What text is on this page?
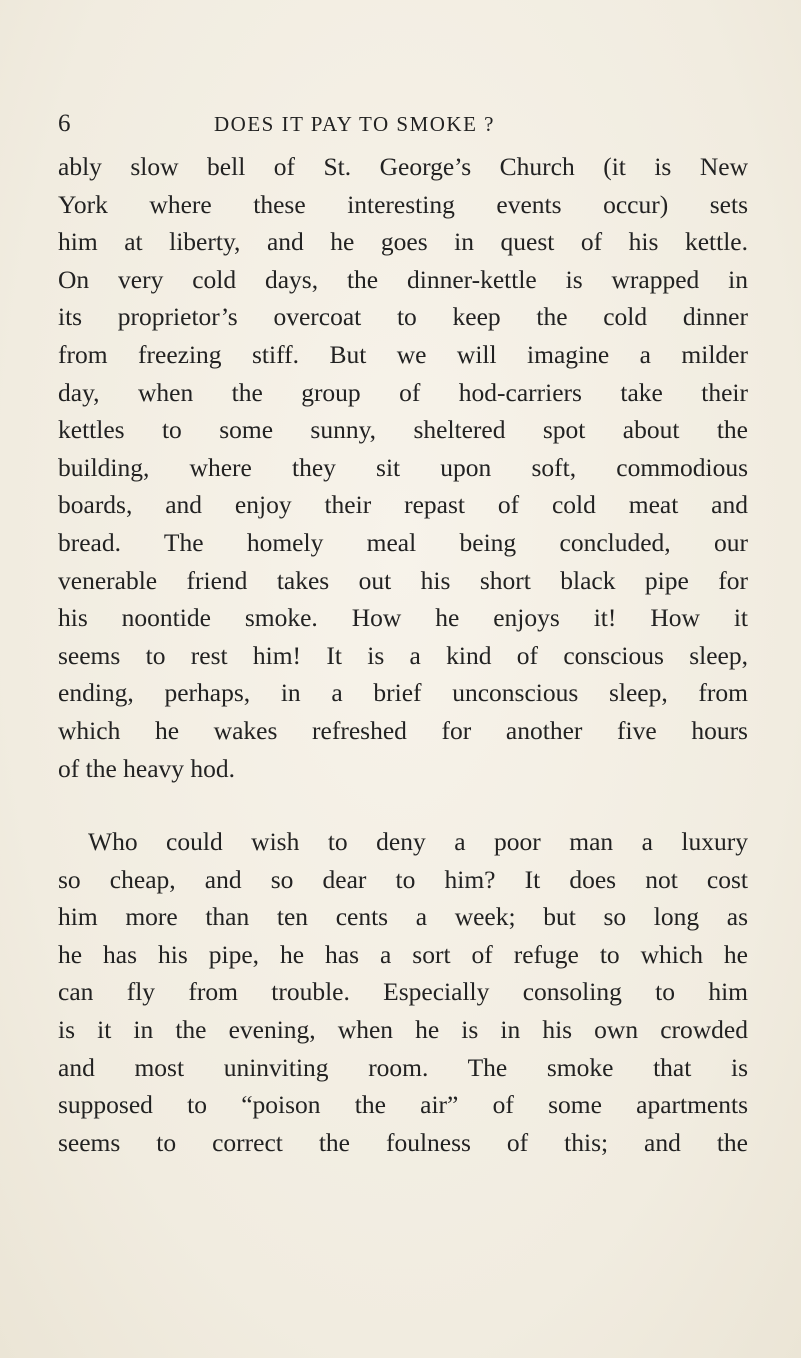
6	DOES IT PAY TO SMOKE ?
ably slow bell of St. George’s Church (it is New
York where these interesting events occur) sets
him at liberty, and he goes in quest of his kettle.
On very cold days, the dinner-kettle is wrapped in
its proprietor’s overcoat to keep the cold dinner
from freezing stiff. But we will imagine a milder
day, when the group of hod-carriers take their
kettles to some sunny, sheltered spot about the
building, where they sit upon soft, commodious
boards, and enjoy their repast of cold meat and
bread. The homely meal being concluded, our
venerable friend takes out his short black pipe for
his noontide smoke. How he enjoys it! How it
seems to rest him! It is a kind of conscious sleep,
ending, perhaps, in a brief unconscious sleep, from
which he wakes refreshed for another five hours
of the heavy hod.
Who could wish to deny a poor man a luxury
so cheap, and so dear to him? It does not cost
him more than ten cents a week; but so long as
he has his pipe, he has a sort of refuge to which he
can fly from trouble. Especially consoling to him
is it in the evening, when he is in his own crowded
and most uninviting room. The smoke that is
supposed to “poison the air” of some apartments
seems to correct the foulness of this; and the
